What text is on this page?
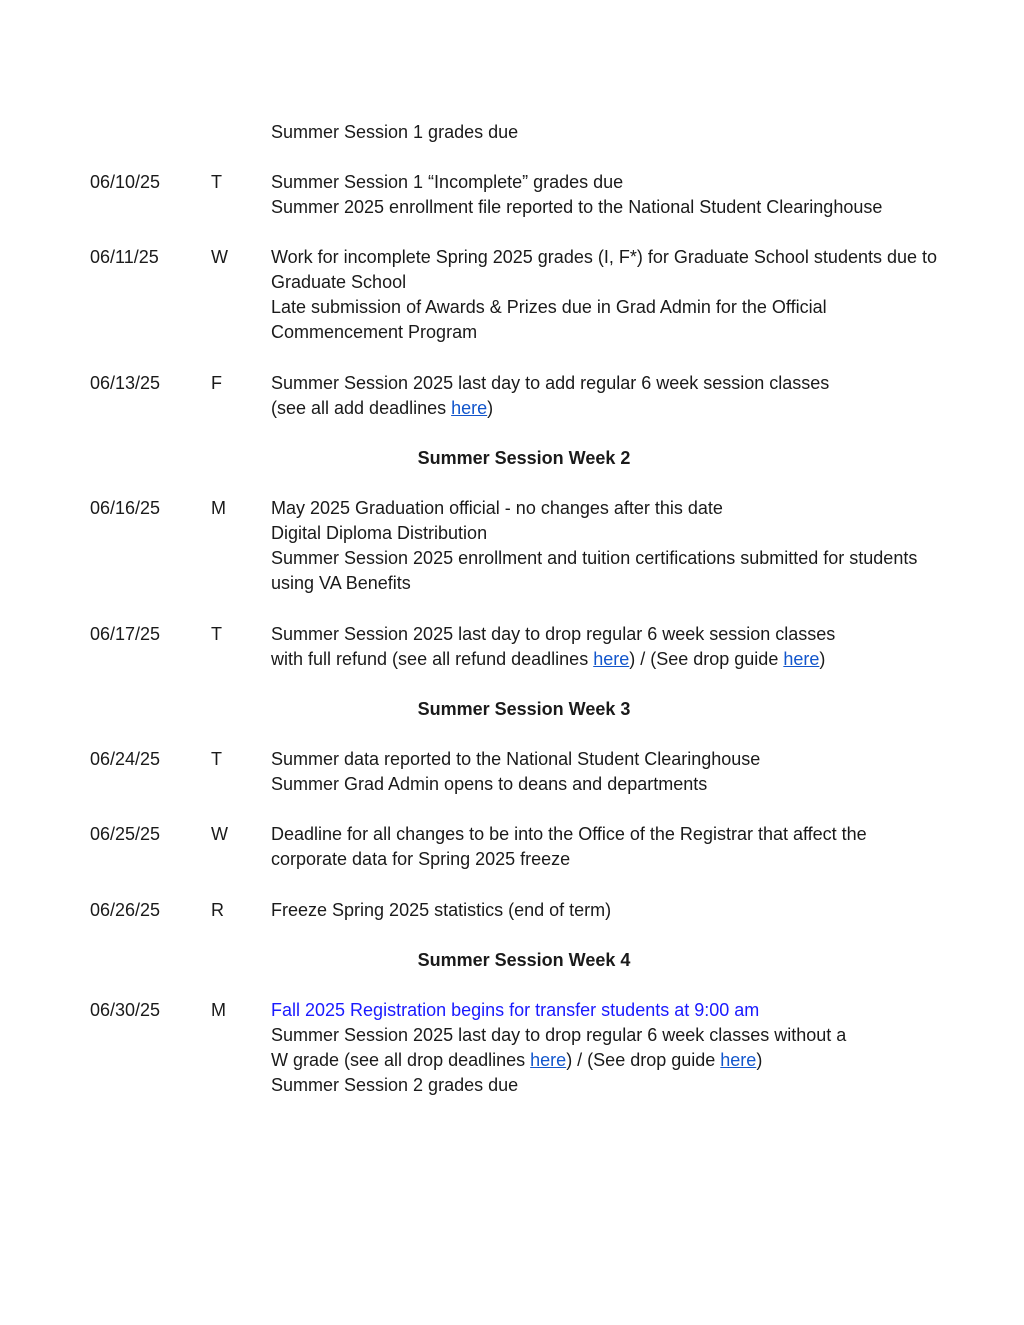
Summer Session 1 grades due
06/10/25	T	Summer Session 1 “Incomplete” grades due
Summer 2025 enrollment file reported to the National Student Clearinghouse
06/11/25	W Work for incomplete Spring 2025 grades (I, F*) for Graduate School students due to Graduate School
Late submission of Awards & Prizes due in Grad Admin for the Official Commencement Program
06/13/25	F	Summer Session 2025 last day to add regular 6 week session classes
(see all add deadlines here)
Summer Session Week 2
06/16/25	M	May 2025 Graduation official - no changes after this date
Digital Diploma Distribution
Summer Session 2025 enrollment and tuition certifications submitted for students using VA Benefits
06/17/25	T	Summer Session 2025 last day to drop regular 6 week session classes
with full refund (see all refund deadlines here) / (See drop guide here)
Summer Session Week 3
06/24/25	T	Summer data reported to the National Student Clearinghouse
Summer Grad Admin opens to deans and departments
06/25/25	W Deadline for all changes to be into the Office of the Registrar that affect the corporate data for Spring 2025 freeze
06/26/25	R	Freeze Spring 2025 statistics (end of term)
Summer Session Week 4
06/30/25	M	Fall 2025 Registration begins for transfer students at 9:00 am
Summer Session 2025 last day to drop regular 6 week classes without a
W grade (see all drop deadlines here) / (See drop guide here)
Summer Session 2 grades due
